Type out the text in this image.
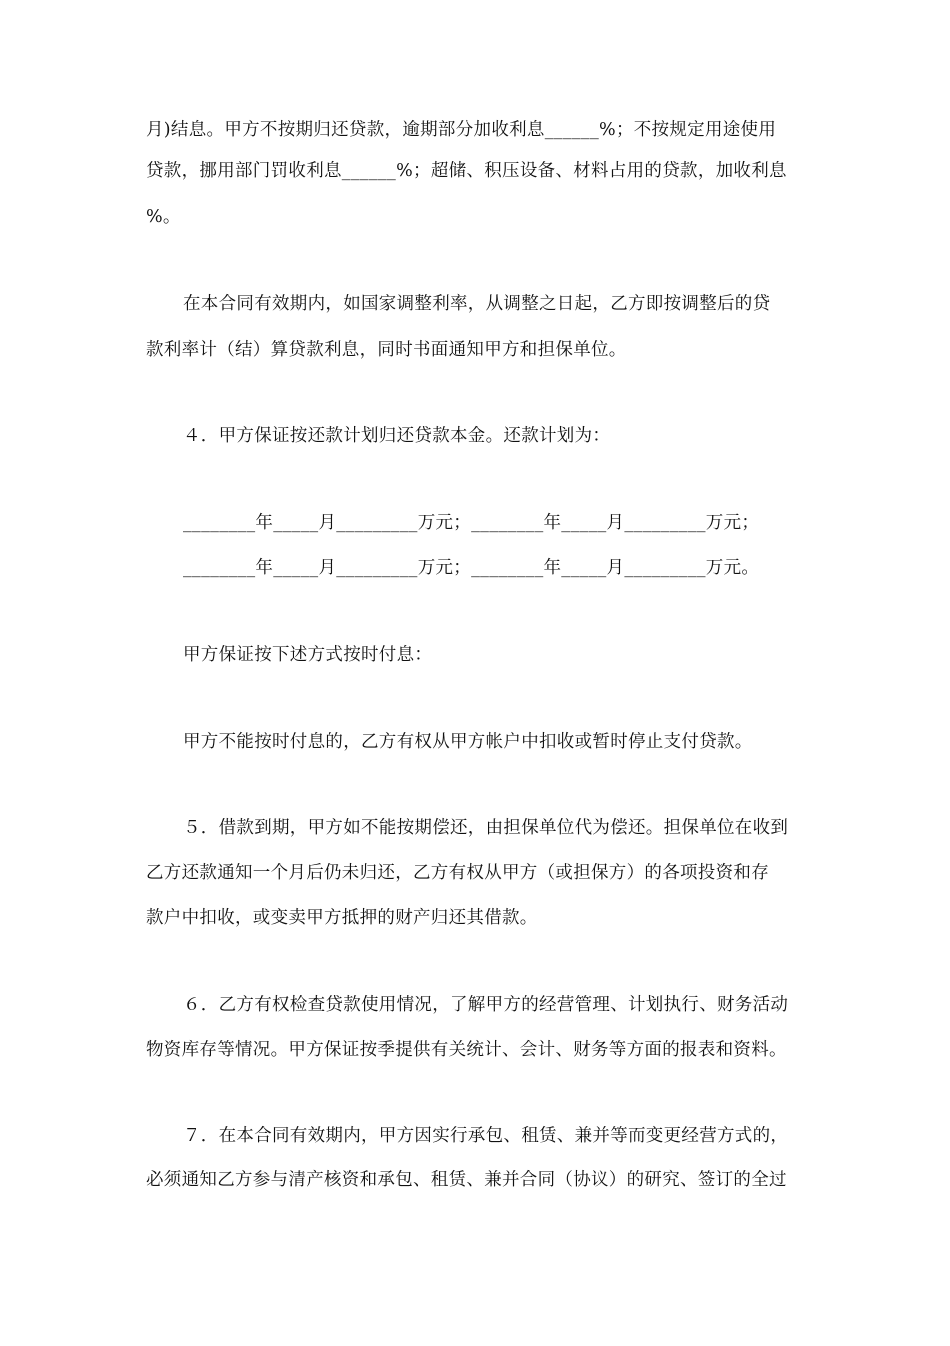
月)结息。甲方不按期归还贷款，逾期部分加收利息______%；不按规定用途使用
贷款，挪用部门罚收利息______%；超储、积压设备、材料占用的贷款，加收利息
%。
在本合同有效期内，如国家调整利率，从调整之日起，乙方即按调整后的贷
款利率计（结）算贷款利息，同时书面通知甲方和担保单位。
４．甲方保证按还款计划归还贷款本金。还款计划为：
________年_____月_________万元；________年_____月_________万元；
________年_____月_________万元；________年_____月_________万元。
甲方保证按下述方式按时付息：
甲方不能按时付息的，乙方有权从甲方帐户中扣收或暂时停止支付贷款。
５．借款到期，甲方如不能按期偿还，由担保单位代为偿还。担保单位在收到
乙方还款通知一个月后仍未归还，乙方有权从甲方（或担保方）的各项投资和存
款户中扣收，或变卖甲方抵押的财产归还其借款。
６．乙方有权检查贷款使用情况，了解甲方的经营管理、计划执行、财务活动
物资库存等情况。甲方保证按季提供有关统计、会计、财务等方面的报表和资料。
７．在本合同有效期内，甲方因实行承包、租赁、兼并等而变更经营方式的，
必须通知乙方参与清产核资和承包、租赁、兼并合同（协议）的研究、签订的全过
